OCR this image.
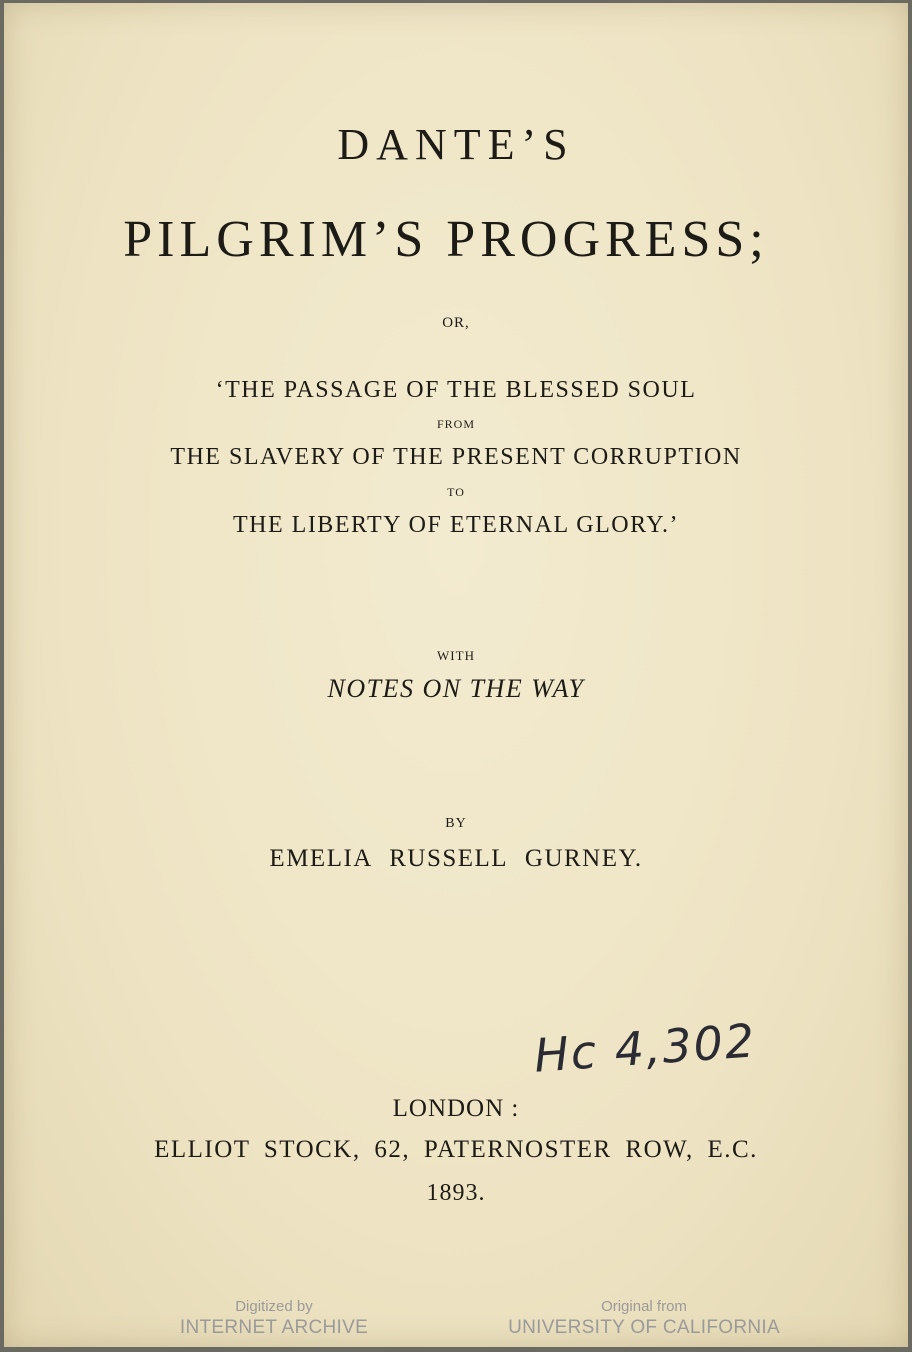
DANTE’S
PILGRIM’S PROGRESS;
OR,
‘THE PASSAGE OF THE BLESSED SOUL
FROM
THE SLAVERY OF THE PRESENT CORRUPTION
TO
THE LIBERTY OF ETERNAL GLORY.’
WITH
NOTES ON THE WAY
BY
EMELIA RUSSELL GURNEY.
Hc 4,302
LONDON :
ELLIOT STOCK, 62, PATERNOSTER ROW, E.C.
1893.
Digitized by
INTERNET ARCHIVE
Original from
UNIVERSITY OF CALIFORNIA
